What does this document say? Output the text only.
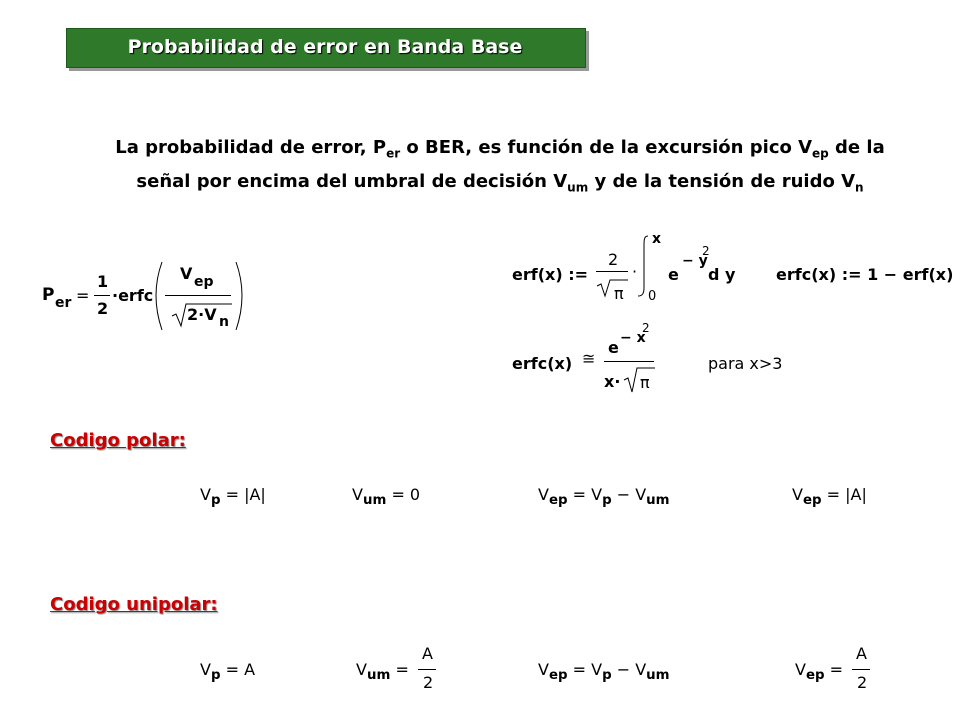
Probabilidad de error en Banda Base
La probabilidad de error, $P_{er}$ o BER, es función de la excursión pico $V_{ep}$ de la
señal por encima del umbral de decisión $V_{um}$ y de la tensión de ruido $V_n$
P er =
1
2
·erfc
V ep
2·V n
erf(x) :=
2
π
·
x
0
e
− y
2
d y	erfc(x) := 1 − erf(x)
erfc(x) ≅
e − x
2
x· π
para x>3
Codigo polar:
$V_p = |A|$	$V_{um} = 0$	$V_{ep} = V_p - V_{um}$	$V_{ep} = |A|$
Codigo unipolar:
$V_p = A$	$V_{um}$ =
A
2
$V_{ep} = V_p - V_{um}$	$V_{ep}$ =
A
2
